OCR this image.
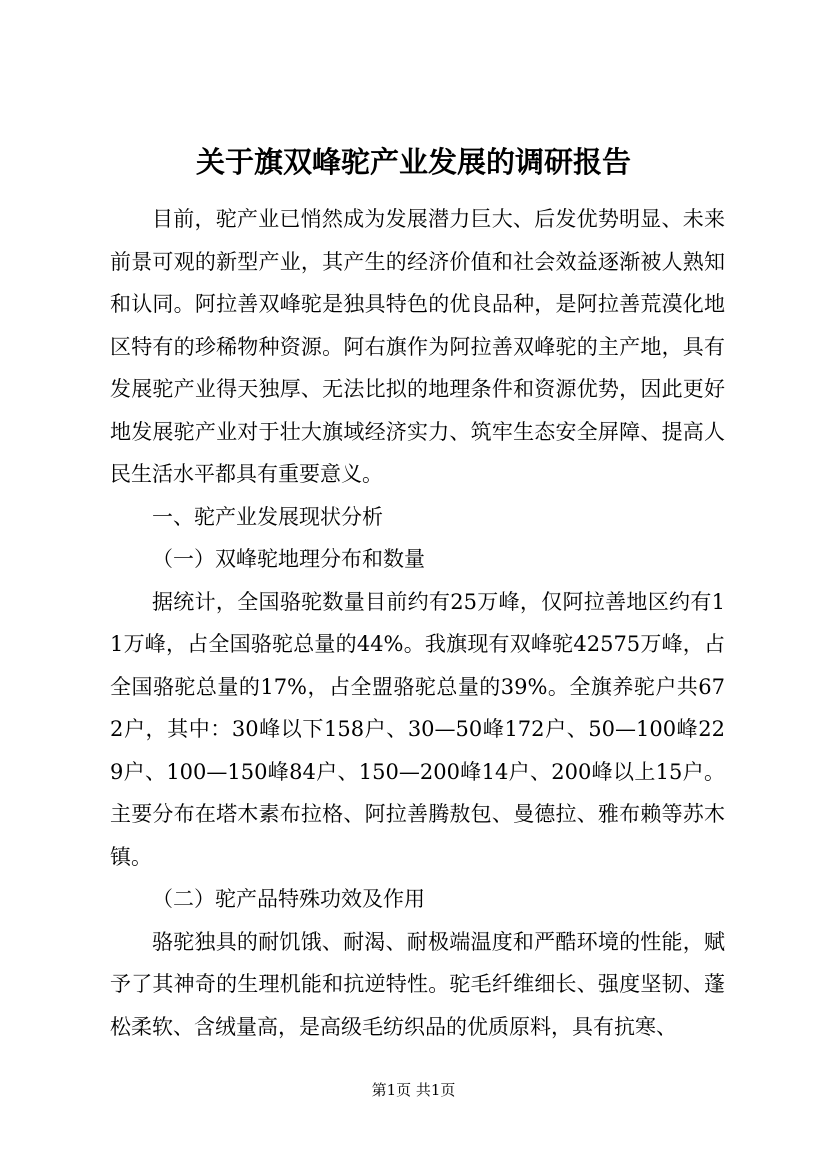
关于旗双峰驼产业发展的调研报告

目前，驼产业已悄然成为发展潜力巨大、后发优势明显、未来前景可观的新型产业，其产生的经济价值和社会效益逐渐被人熟知和认同。阿拉善双峰驼是独具特色的优良品种，是阿拉善荒漠化地区特有的珍稀物种资源。阿右旗作为阿拉善双峰驼的主产地，具有发展驼产业得天独厚、无法比拟的地理条件和资源优势，因此更好地发展驼产业对于壮大旗域经济实力、筑牢生态安全屏障、提高人民生活水平都具有重要意义。

一、驼产业发展现状分析

（一）双峰驼地理分布和数量

据统计，全国骆驼数量目前约有25万峰，仅阿拉善地区约有11万峰，占全国骆驼总量的44%。我旗现有双峰驼42575万峰，占全国骆驼总量的17%，占全盟骆驼总量的39%。全旗养驼户共672户，其中：30峰以下158户、30—50峰172户、50—100峰229户、100—150峰84户、150—200峰14户、200峰以上15户。主要分布在塔木素布拉格、阿拉善腾敖包、曼德拉、雅布赖等苏木镇。

（二）驼产品特殊功效及作用

骆驼独具的耐饥饿、耐渴、耐极端温度和严酷环境的性能，赋予了其神奇的生理机能和抗逆特性。驼毛纤维细长、强度坚韧、蓬松柔软、含绒量高，是高级毛纺织品的优质原料，具有抗寒、

第1页 共1页
